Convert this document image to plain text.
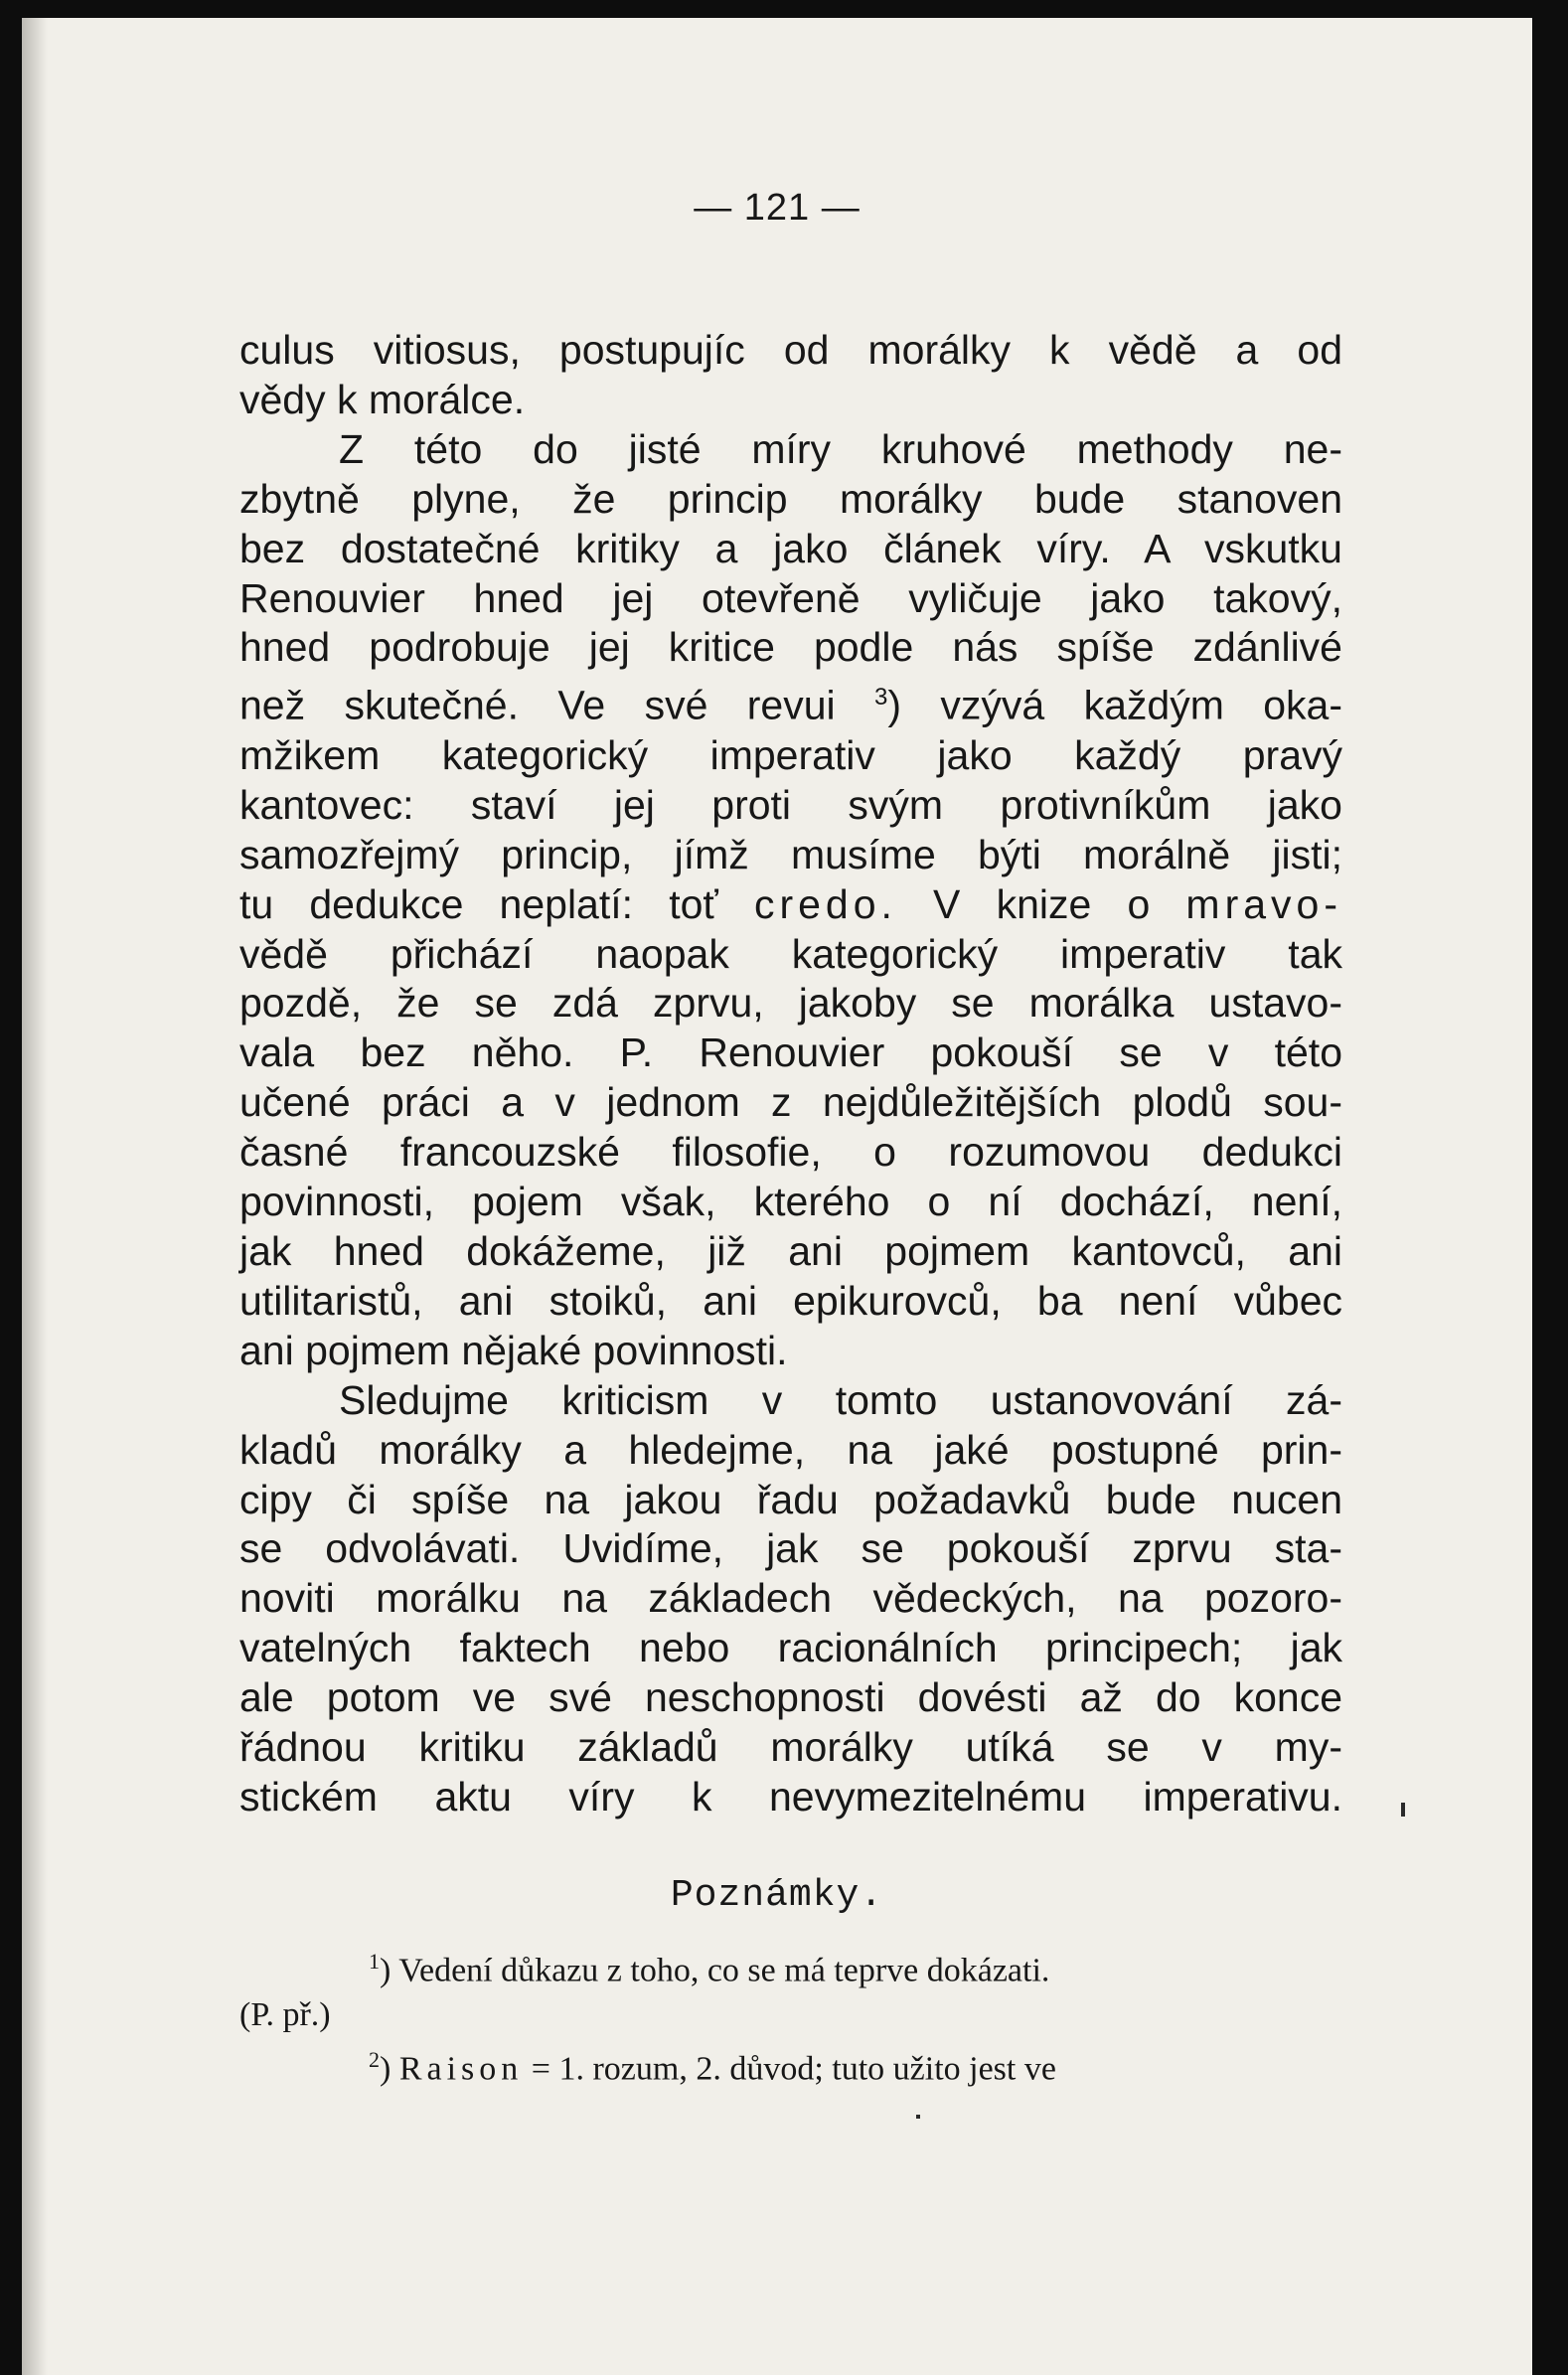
— 121 —
culus vitiosus, postupujíc od morálky k vědě a od
vědy k morálce.
Z této do jisté míry kruhové methody ne-
zbytně plyne, že princip morálky bude stanoven
bez dostatečné kritiky a jako článek víry. A vskutku
Renouvier hned jej otevřeně vyličuje jako takový,
hned podrobuje jej kritice podle nás spíše zdánlivé
než skutečné. Ve své revui $^3$) vzývá každým oka-
mžikem kategorický imperativ jako každý pravý
kantovec: staví jej proti svým protivníkům jako
samozřejmý princip, jímž musíme býti morálně jisti;
tu dedukce neplatí: toť credo. V knize o mravo-
vědě přichází naopak kategorický imperativ tak
pozdě, že se zdá zprvu, jakoby se morálka ustavo-
vala bez něho. P. Renouvier pokouší se v této
učené práci a v jednom z nejdůležitějších plodů sou-
časné francouzské filosofie, o rozumovou dedukci
povinnosti, pojem však, kterého o ní dochází, není,
jak hned dokážeme, již ani pojmem kantovců, ani
utilitaristů, ani stoiků, ani epikurovců, ba není vůbec
ani pojmem nějaké povinnosti.
Sledujme kriticism v tomto ustanovování zá-
kladů morálky a hledejme, na jaké postupné prin-
cipy či spíše na jakou řadu požadavků bude nucen
se odvolávati. Uvidíme, jak se pokouší zprvu sta-
noviti morálku na základech vědeckých, na pozoro-
vatelných faktech nebo racionálních principech; jak
ale potom ve své neschopnosti dovésti až do konce
řádnou kritiku základů morálky utíká se v my-
stickém aktu víry k nevymezitelnému imperativu.
Poznámky.
$^1$) Vedení důkazu z toho, co se má teprve dokázati.
(P. př.)
$^2$) Raison = 1. rozum, 2. důvod; tuto užito jest ve
